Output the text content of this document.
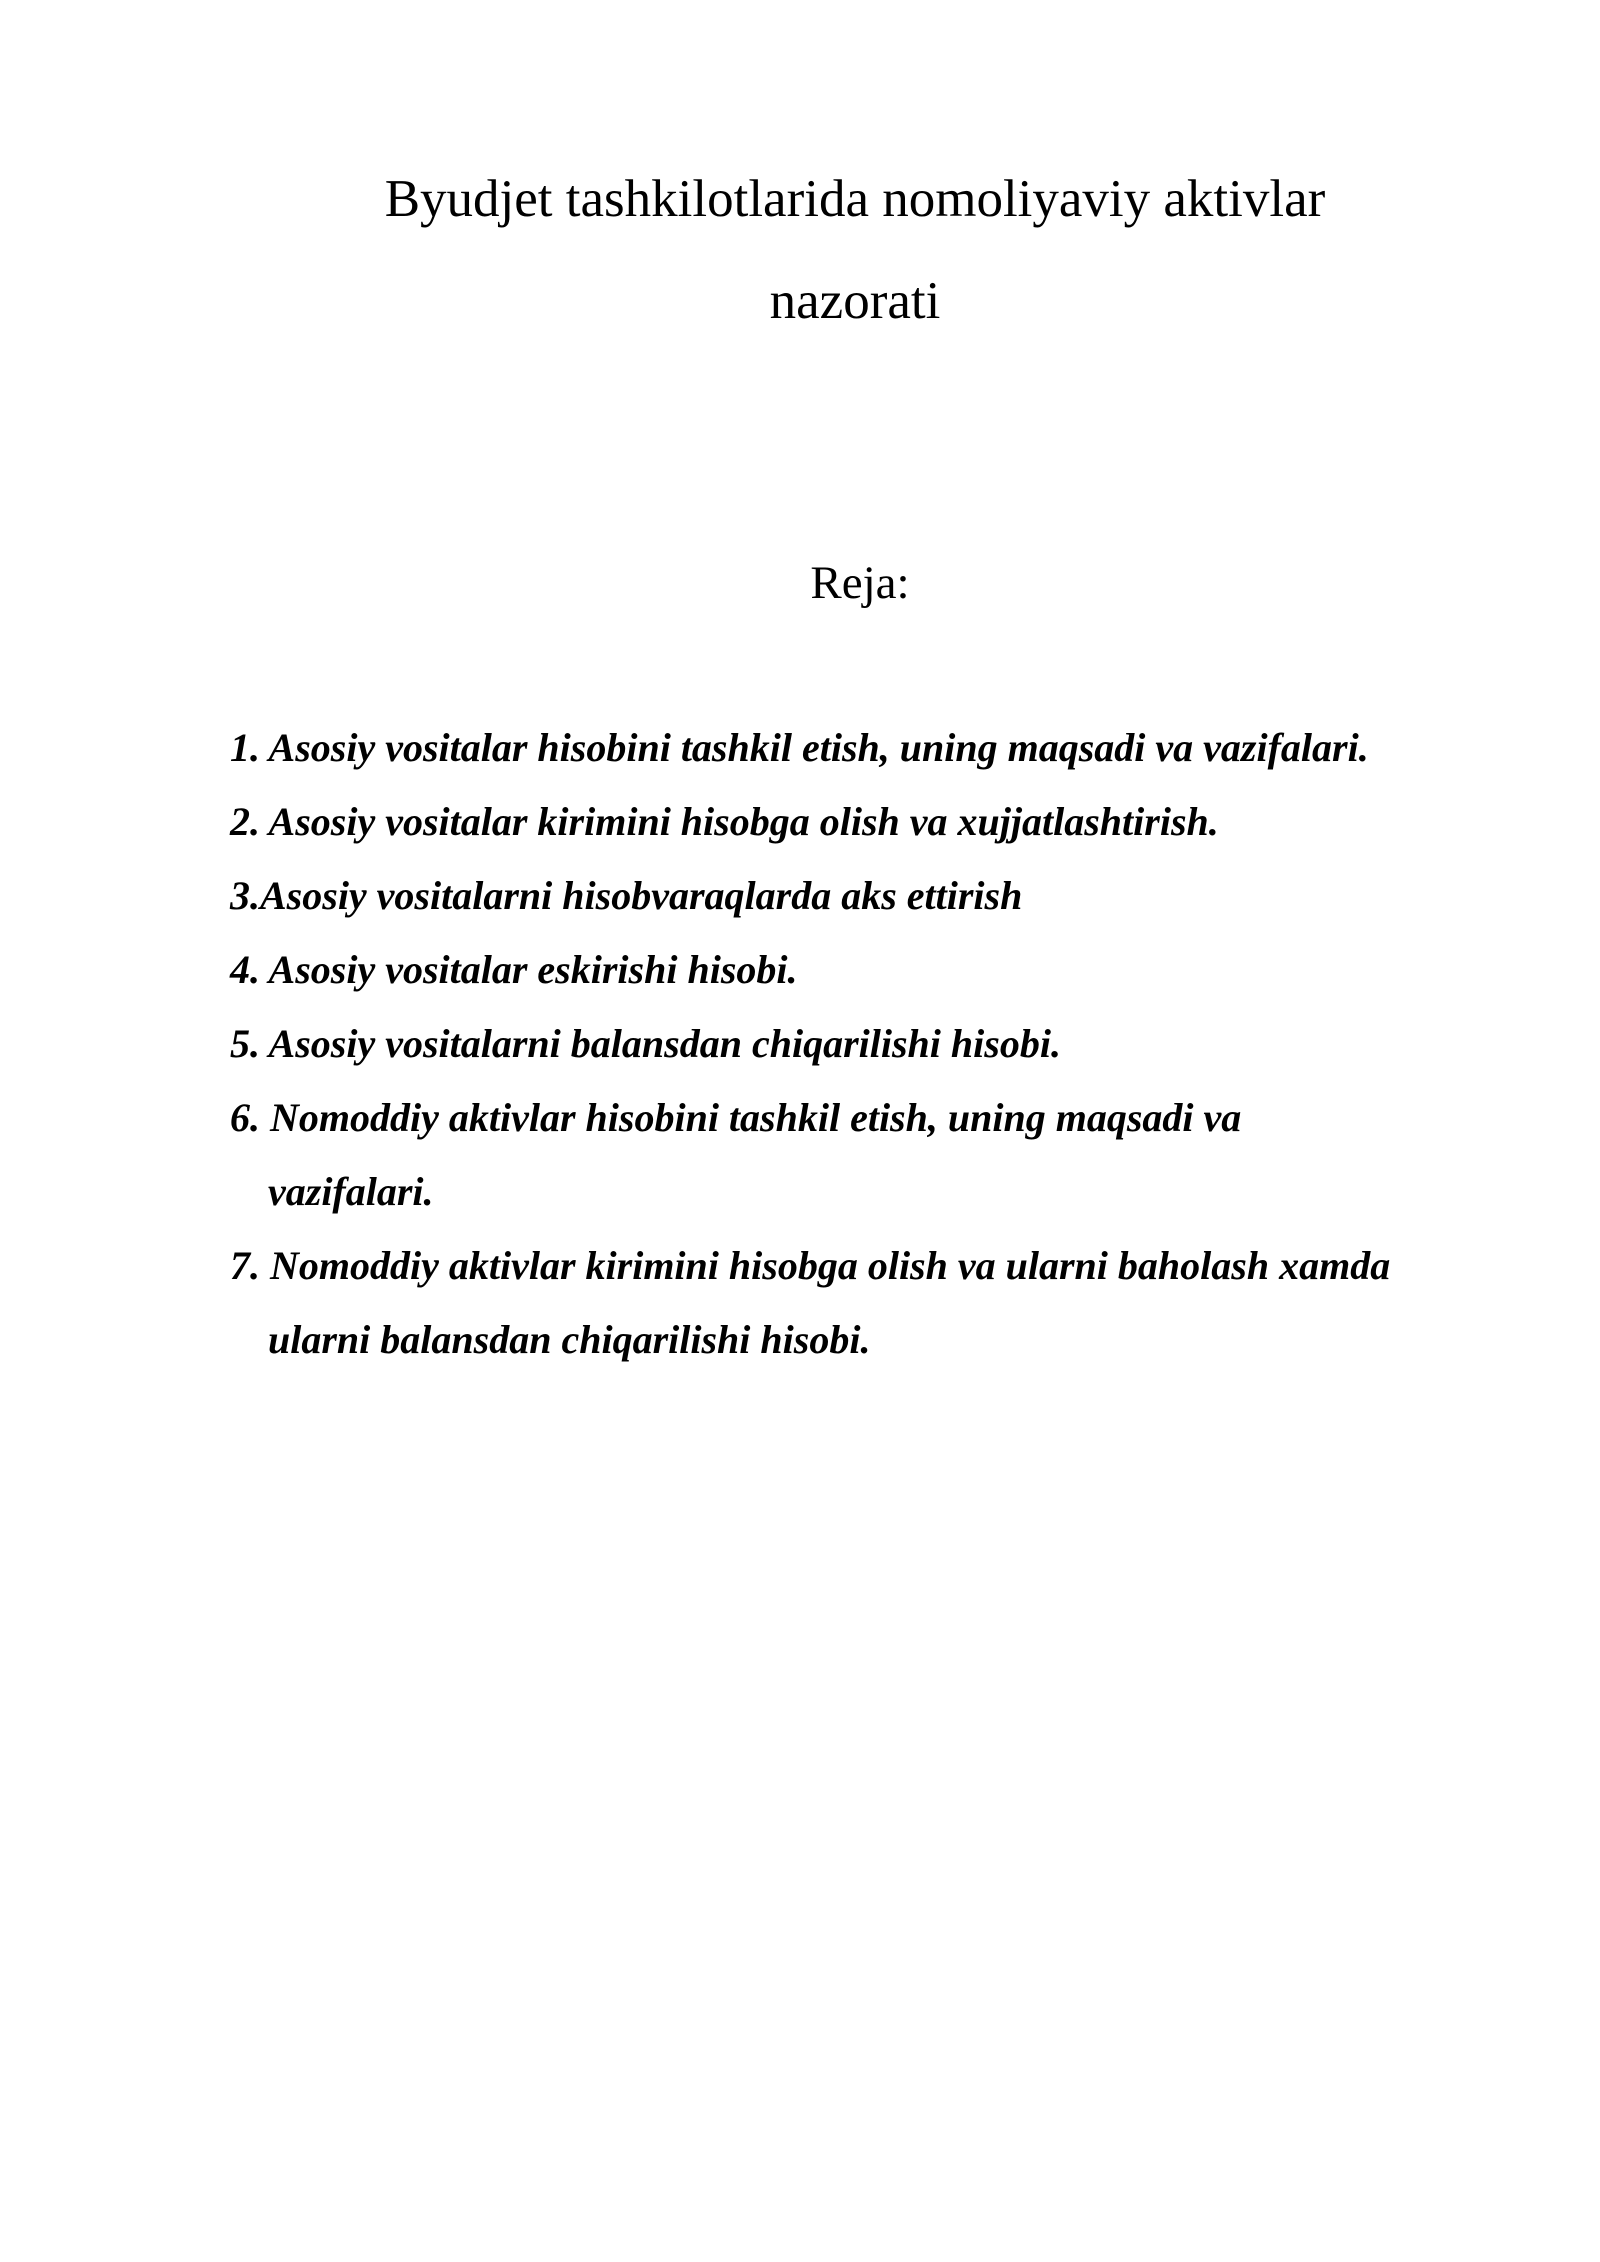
Byudjet tashkilotlarida nomoliyaviy aktivlar
nazorati
Reja:
1. Asosiy vositalar hisobini tashkil etish, uning maqsadi va vazifalari.
2. Asosiy vositalar kirimini hisobga olish va xujjatlashtirish.
3.Asosiy vositalarni hisobvaraqlarda aks ettirish
4. Asosiy vositalar eskirishi hisobi.
5. Asosiy vositalarni balansdan chiqarilishi hisobi.
6. Nomoddiy aktivlar hisobini tashkil etish, uning maqsadi va
vazifalari.
7. Nomoddiy aktivlar kirimini hisobga olish va ularni baholash xamda
ularni balansdan chiqarilishi hisobi.
